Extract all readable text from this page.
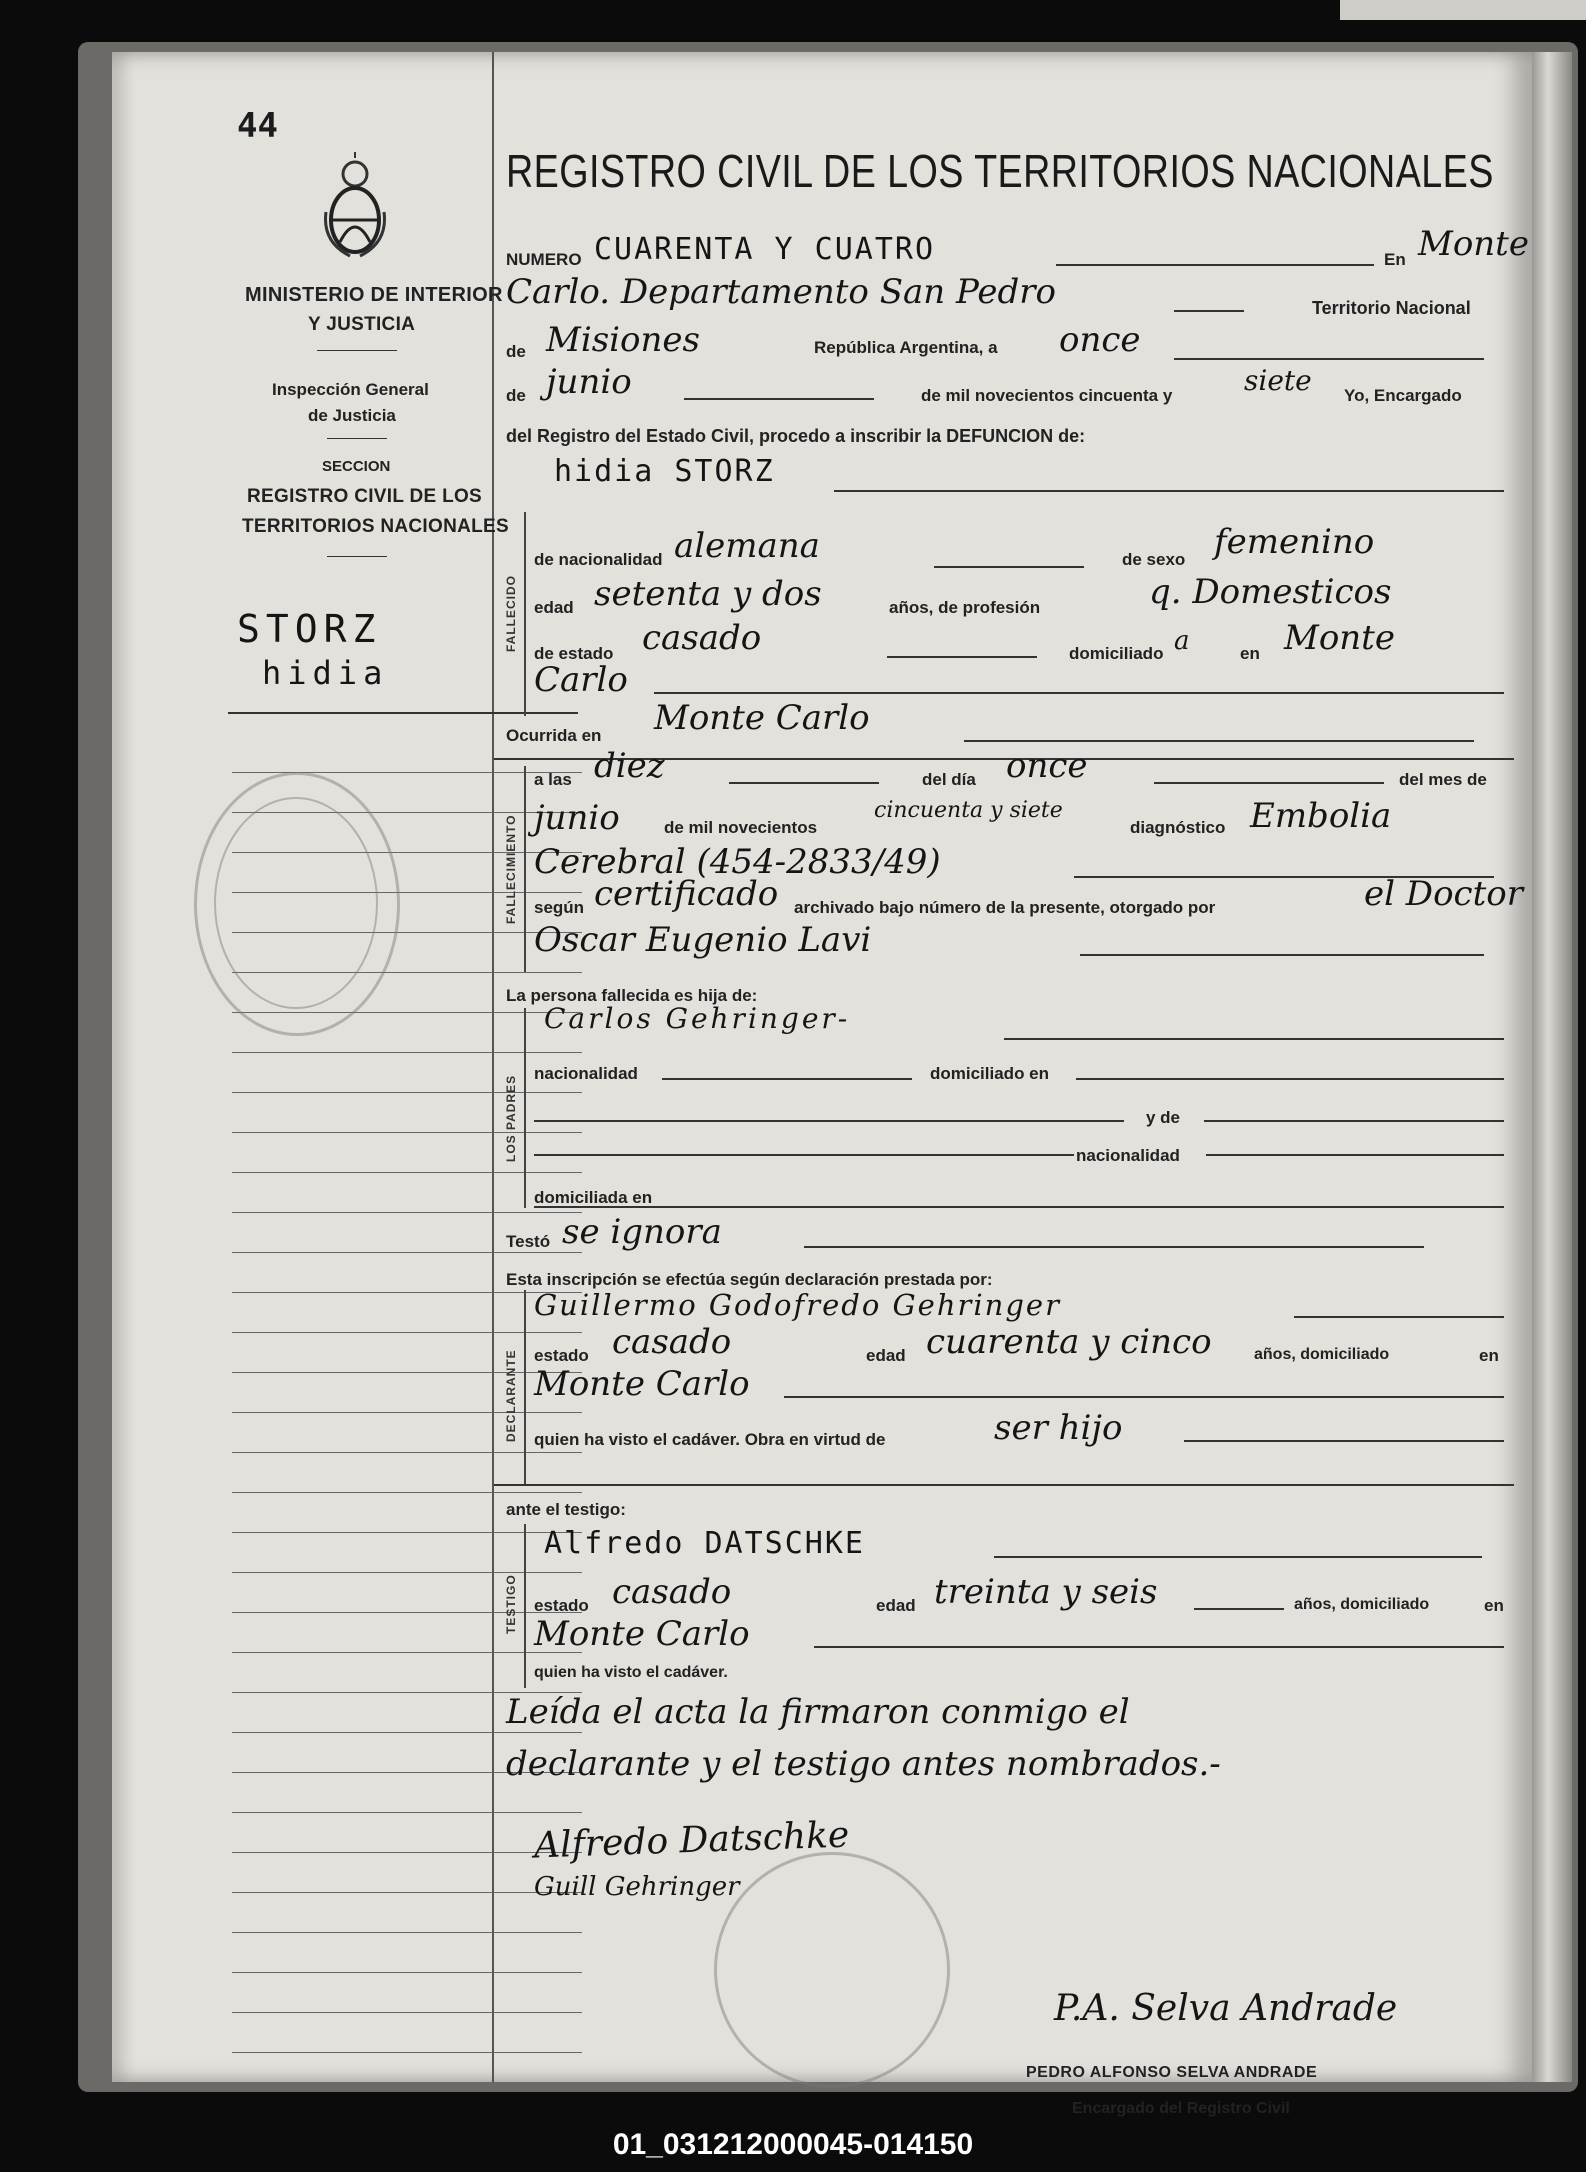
44
MINISTERIO DE INTERIOR
Y JUSTICIA
Inspección General
de Justicia
SECCION
REGISTRO CIVIL DE LOS
TERRITORIOS NACIONALES
STORZ
hidia
REGISTRO CIVIL DE LOS TERRITORIOS NACIONALES
NUMERO CUARENTA Y CUATRO	En Monte
Carlo. Departamento San Pedro	Territorio Nacional
de Misiones	República Argentina, a once
de junio	de mil novecientos cincuenta y	siete Yo, Encargado
del Registro del Estado Civil, procedo a inscribir la DEFUNCION de:
hidia STORZ
FALLECIDO
de nacionalidad alemana	de sexo femenino
edad setenta y dos	años, de profesión	q. Domesticos
de estado casado	domiciliado a	en Monte
Carlo
Ocurrida en Monte Carlo
FALLECIMIENTO
a las diez	del día once	del mes de
junio	de mil novecientos
cincuenta y siete
diagnóstico Embolia
Cerebral (454-2833/49)
según certificado archivado bajo número de la presente, otorgado por	el Doctor
Oscar Eugenio Lavi
La persona fallecida es hija de:
LOS PADRES
Carlos Gehringer-
nacionalidad	domiciliado en
y de
nacionalidad
domiciliada en
Testó se ignora
Esta inscripción se efectúa según declaración prestada por:
DECLARANTE
Guillermo Godofredo Gehringer
estado casado	edad cuarenta y cinco	años, domiciliado	en
Monte Carlo
quien ha visto el cadáver. Obra en virtud de	ser hijo
ante el testigo:
TESTIGO
Alfredo DATSCHKE
estado casado	edad treinta y seis	años, domiciliado	en
Monte Carlo
quien ha visto el cadáver.
Leída el acta la firmaron conmigo el
declarante y el testigo antes nombrados.-
Alfredo Datschke
Guill Gehringer
P.A. Selva Andrade
PEDRO ALFONSO SELVA ANDRADE
Encargado del Registro Civil
01_031212000045-014150
